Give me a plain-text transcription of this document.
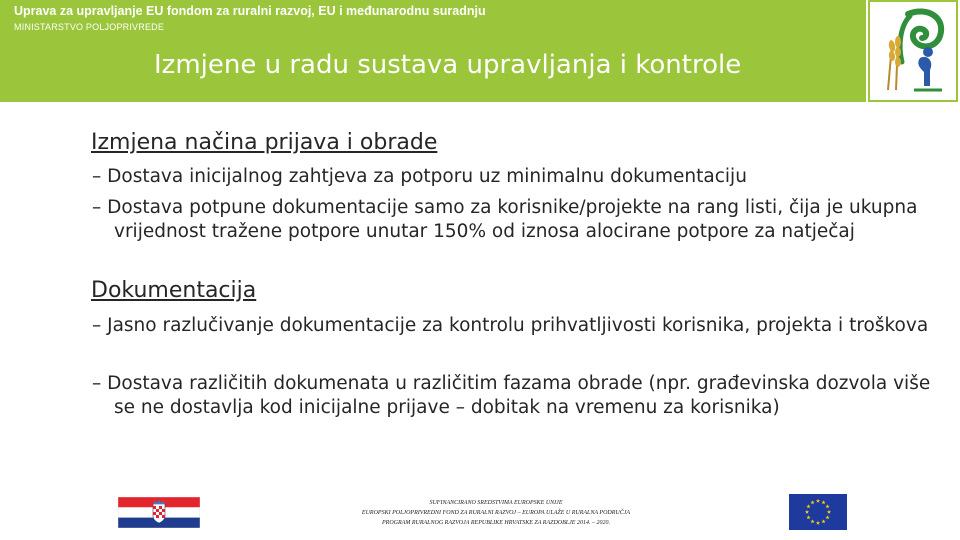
Uprava za upravljanje EU fondom za ruralni razvoj, EU i međunarodnu suradnju

MINISTARSTVO POLJOPRIVREDE

Izmjene u radu sustava upravljanja i kontrole
Izmjena načina prijava i obrade

– Dostava inicijalnog zahtjeva za potporu uz minimalnu dokumentaciju

– Dostava potpune dokumentacije samo za korisnike/projekte na rang listi, čija je ukupna vrijednost tražene potpore unutar 150% od iznosa alocirane potpore za natječaj

Dokumentacija

– Jasno razlučivanje dokumentacije za kontrolu prihvatljivosti korisnika, projekta i troškova

– Dostava različitih dokumenata u različitim fazama obrade (npr. građevinska dozvola više se ne dostavlja kod inicijalne prijave – dobitak na vremenu za korisnika)

SUFINANCIRANO SREDSTVIMA EUROPSKE UNIJE
EUROPSKI POLJOPRIVREDNI FOND ZA RURALNI RAZVOJ – EUROPA ULAŽE U RURALNA PODRUČJA
PROGRAM RURALNOG RAZVOJA REPUBLIKE HRVATSKE ZA RAZDOBLJE 2014. – 2020.
